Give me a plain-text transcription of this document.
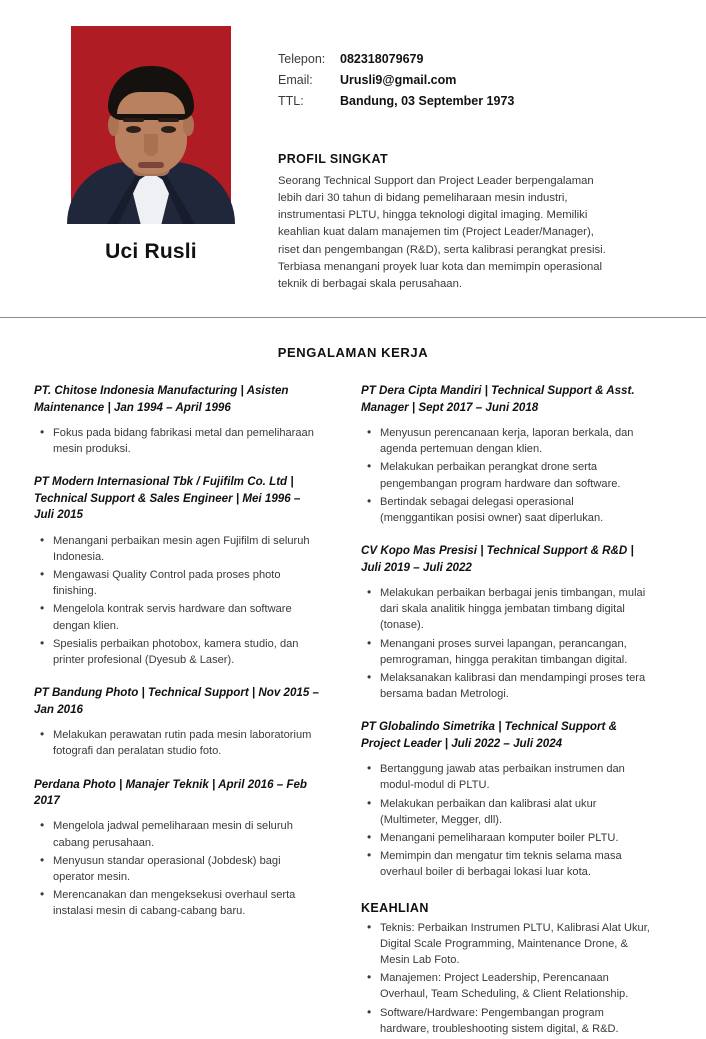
Uci Rusli
Telepon:	082318079679
Email:	Urusli9@gmail.com
TTL:	Bandung, 03 September 1973
PROFIL SINGKAT
Seorang Technical Support dan Project Leader berpengalaman lebih dari 30 tahun di bidang pemeliharaan mesin industri, instrumentasi PLTU, hingga teknologi digital imaging. Memiliki keahlian kuat dalam manajemen tim (Project Leader/Manager), riset dan pengembangan (R&D), serta kalibrasi perangkat presisi. Terbiasa menangani proyek luar kota dan memimpin operasional teknik di berbagai skala perusahaan.
PENGALAMAN KERJA
PT. Chitose Indonesia Manufacturing | Asisten Maintenance | Jan 1994 – April 1996
• Fokus pada bidang fabrikasi metal dan pemeliharaan mesin produksi.
PT Modern Internasional Tbk / Fujifilm Co. Ltd | Technical Support & Sales Engineer | Mei 1996 – Juli 2015
• Menangani perbaikan mesin agen Fujifilm di seluruh Indonesia.
• Mengawasi Quality Control pada proses photo finishing.
• Mengelola kontrak servis hardware dan software dengan klien.
• Spesialis perbaikan photobox, kamera studio, dan printer profesional (Dyesub & Laser).
PT Bandung Photo | Technical Support | Nov 2015 – Jan 2016
• Melakukan perawatan rutin pada mesin laboratorium fotografi dan peralatan studio foto.
Perdana Photo | Manajer Teknik | April 2016 – Feb 2017
• Mengelola jadwal pemeliharaan mesin di seluruh cabang perusahaan.
• Menyusun standar operasional (Jobdesk) bagi operator mesin.
• Merencanakan dan mengeksekusi overhaul serta instalasi mesin di cabang-cabang baru.
PT Dera Cipta Mandiri | Technical Support & Asst. Manager | Sept 2017 – Juni 2018
• Menyusun perencanaan kerja, laporan berkala, dan agenda pertemuan dengan klien.
• Melakukan perbaikan perangkat drone serta pengembangan program hardware dan software.
• Bertindak sebagai delegasi operasional (menggantikan posisi owner) saat diperlukan.
CV Kopo Mas Presisi | Technical Support & R&D | Juli 2019 – Juli 2022
• Melakukan perbaikan berbagai jenis timbangan, mulai dari skala analitik hingga jembatan timbang digital (tonase).
• Menangani proses survei lapangan, perancangan, pemrograman, hingga perakitan timbangan digital.
• Melaksanakan kalibrasi dan mendampingi proses tera bersama badan Metrologi.
PT Globalindo Simetrika | Technical Support & Project Leader | Juli 2022 – Juli 2024
• Bertanggung jawab atas perbaikan instrumen dan modul-modul di PLTU.
• Melakukan perbaikan dan kalibrasi alat ukur (Multimeter, Megger, dll).
• Menangani pemeliharaan komputer boiler PLTU.
• Memimpin dan mengatur tim teknis selama masa overhaul boiler di berbagai lokasi luar kota.
KEAHLIAN
• Teknis: Perbaikan Instrumen PLTU, Kalibrasi Alat Ukur, Digital Scale Programming, Maintenance Drone, & Mesin Lab Foto.
• Manajemen: Project Leadership, Perencanaan Overhaul, Team Scheduling, & Client Relationship.
• Software/Hardware: Pengembangan program hardware, troubleshooting sistem digital, & R&D.
